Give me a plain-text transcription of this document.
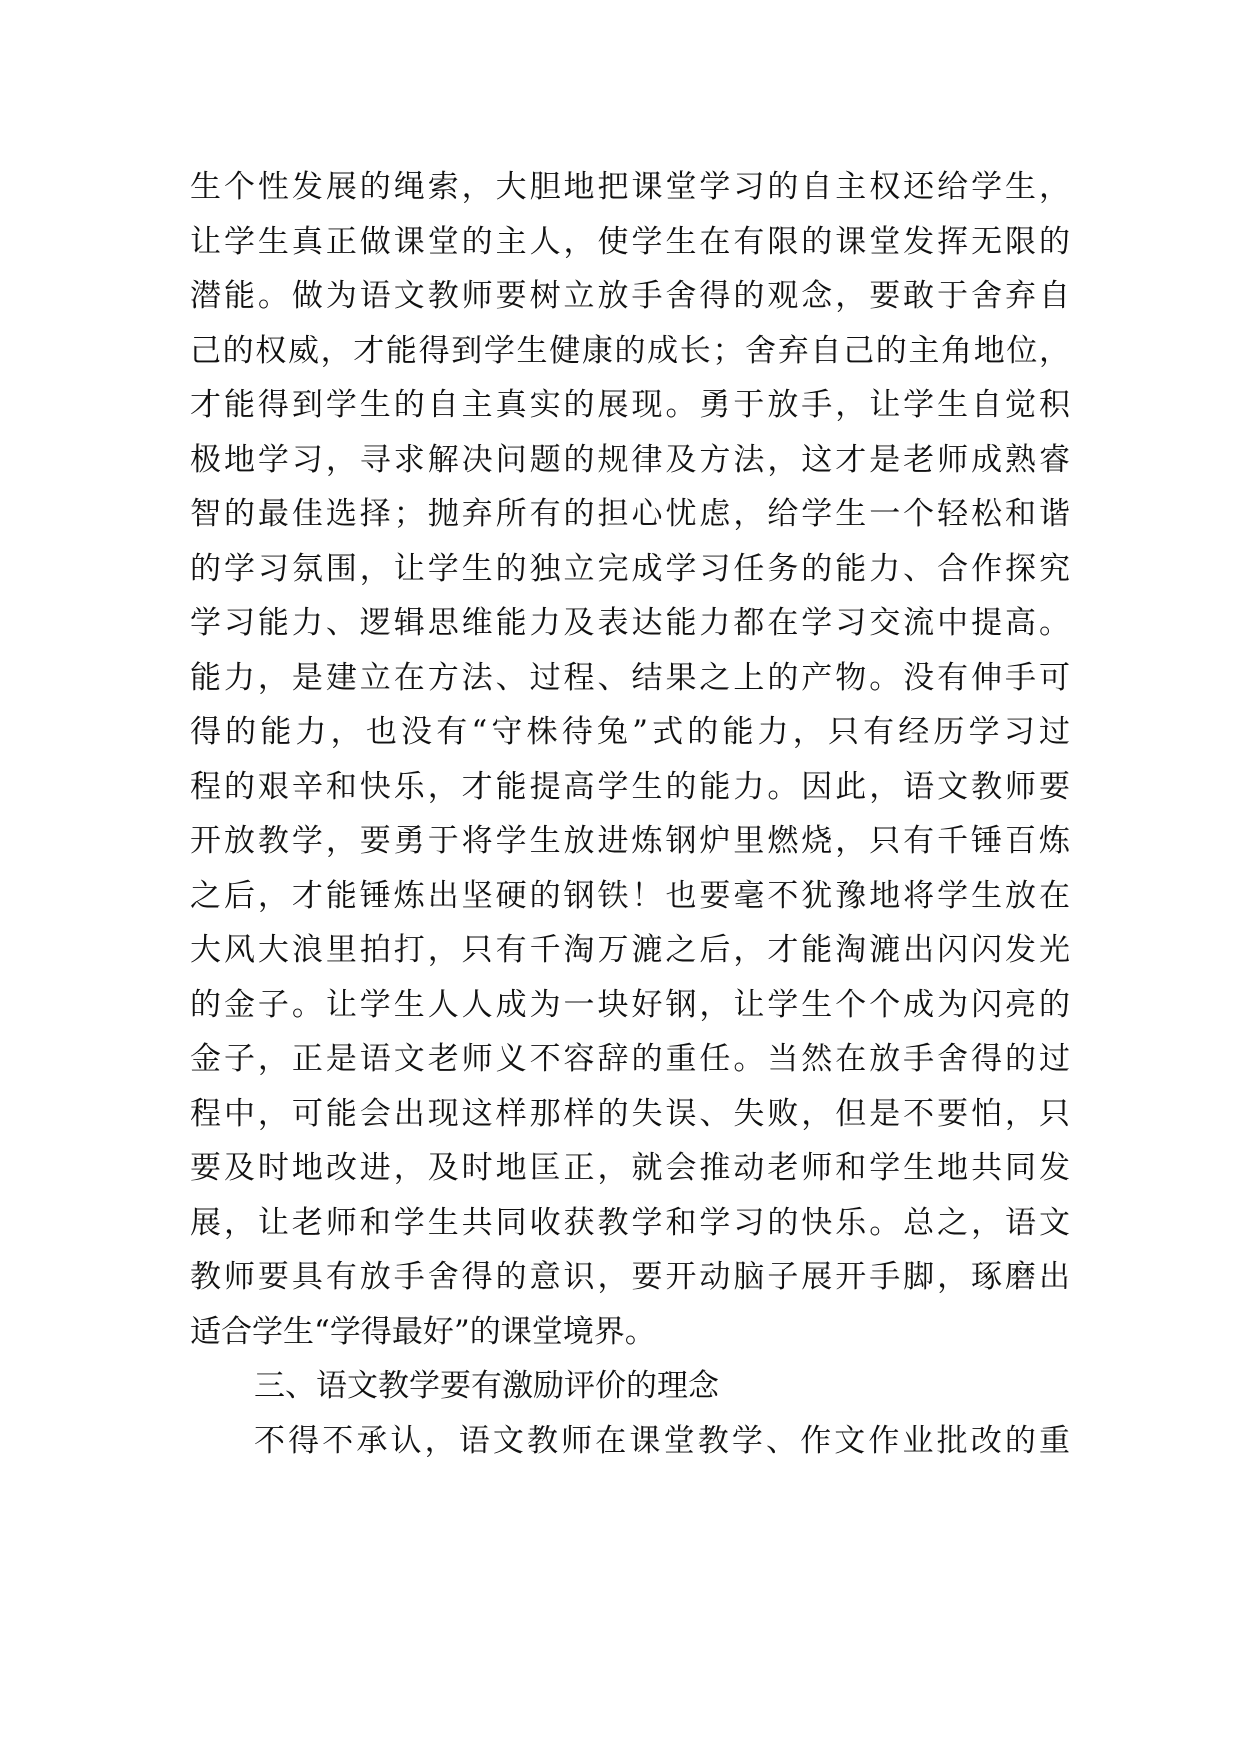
生个性发展的绳索，大胆地把课堂学习的自主权还给学生，
让学生真正做课堂的主人，使学生在有限的课堂发挥无限的
潜能。做为语文教师要树立放手舍得的观念，要敢于舍弃自
己的权威，才能得到学生健康的成长；舍弃自己的主角地位，
才能得到学生的自主真实的展现。勇于放手，让学生自觉积
极地学习，寻求解决问题的规律及方法，这才是老师成熟睿
智的最佳选择；抛弃所有的担心忧虑，给学生一个轻松和谐
的学习氛围，让学生的独立完成学习任务的能力、合作探究
学习能力、逻辑思维能力及表达能力都在学习交流中提高。
能力，是建立在方法、过程、结果之上的产物。没有伸手可
得的能力，也没有“守株待兔”式的能力，只有经历学习过
程的艰辛和快乐，才能提高学生的能力。因此，语文教师要
开放教学，要勇于将学生放进炼钢炉里燃烧，只有千锤百炼
之后，才能锤炼出坚硬的钢铁！也要毫不犹豫地将学生放在
大风大浪里拍打，只有千淘万漉之后，才能淘漉出闪闪发光
的金子。让学生人人成为一块好钢，让学生个个成为闪亮的
金子，正是语文老师义不容辞的重任。当然在放手舍得的过
程中，可能会出现这样那样的失误、失败，但是不要怕，只
要及时地改进，及时地匡正，就会推动老师和学生地共同发
展，让老师和学生共同收获教学和学习的快乐。总之，语文
教师要具有放手舍得的意识，要开动脑子展开手脚，琢磨出
适合学生“学得最好”的课堂境界。
三、语文教学要有激励评价的理念
不得不承认，语文教师在课堂教学、作文作业批改的重
